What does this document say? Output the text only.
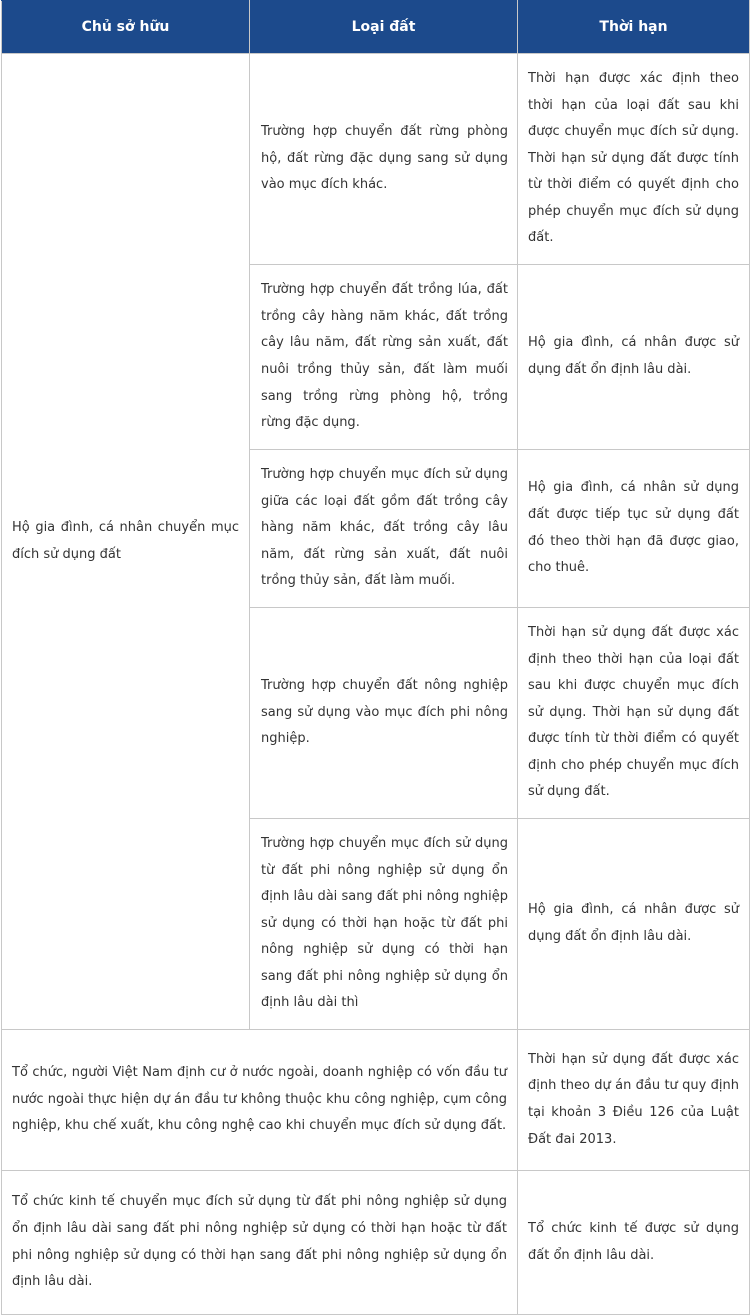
Chủ sở hữu	Loại đất	Thời hạn
Hộ gia đình, cá nhân chuyển mục đích sử dụng đất	Trường hợp chuyển đất rừng phòng hộ, đất rừng đặc dụng sang sử dụng vào mục đích khác.	Thời hạn được xác định theo thời hạn của loại đất sau khi được chuyển mục đích sử dụng. Thời hạn sử dụng đất được tính từ thời điểm có quyết định cho phép chuyển mục đích sử dụng đất.
	Trường hợp chuyển đất trồng lúa, đất trồng cây hàng năm khác, đất trồng cây lâu năm, đất rừng sản xuất, đất nuôi trồng thủy sản, đất làm muối sang trồng rừng phòng hộ, trồng rừng đặc dụng.	Hộ gia đình, cá nhân được sử dụng đất ổn định lâu dài.
	Trường hợp chuyển mục đích sử dụng giữa các loại đất gồm đất trồng cây hàng năm khác, đất trồng cây lâu năm, đất rừng sản xuất, đất nuôi trồng thủy sản, đất làm muối.	Hộ gia đình, cá nhân sử dụng đất được tiếp tục sử dụng đất đó theo thời hạn đã được giao, cho thuê.
	Trường hợp chuyển đất nông nghiệp sang sử dụng vào mục đích phi nông nghiệp.	Thời hạn sử dụng đất được xác định theo thời hạn của loại đất sau khi được chuyển mục đích sử dụng. Thời hạn sử dụng đất được tính từ thời điểm có quyết định cho phép chuyển mục đích sử dụng đất.
	Trường hợp chuyển mục đích sử dụng từ đất phi nông nghiệp sử dụng ổn định lâu dài sang đất phi nông nghiệp sử dụng có thời hạn hoặc từ đất phi nông nghiệp sử dụng có thời hạn sang đất phi nông nghiệp sử dụng ổn định lâu dài thì	Hộ gia đình, cá nhân được sử dụng đất ổn định lâu dài.
Tổ chức, người Việt Nam định cư ở nước ngoài, doanh nghiệp có vốn đầu tư nước ngoài thực hiện dự án đầu tư không thuộc khu công nghiệp, cụm công nghiệp, khu chế xuất, khu công nghệ cao khi chuyển mục đích sử dụng đất.		Thời hạn sử dụng đất được xác định theo dự án đầu tư quy định tại khoản 3 Điều 126 của Luật Đất đai 2013.
Tổ chức kinh tế chuyển mục đích sử dụng từ đất phi nông nghiệp sử dụng ổn định lâu dài sang đất phi nông nghiệp sử dụng có thời hạn hoặc từ đất phi nông nghiệp sử dụng có thời hạn sang đất phi nông nghiệp sử dụng ổn định lâu dài.		Tổ chức kinh tế được sử dụng đất ổn định lâu dài.
